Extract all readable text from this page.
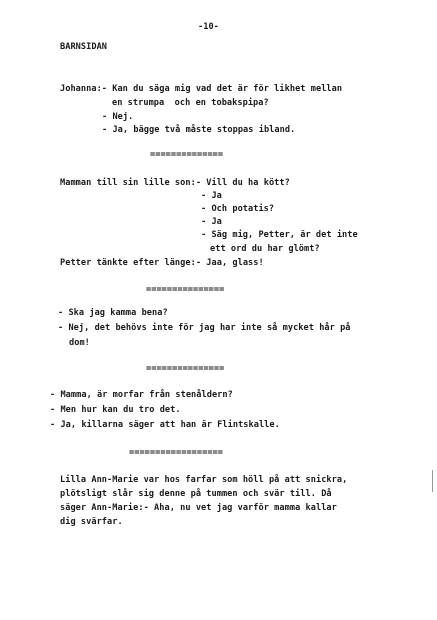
-10-
BARNSIDAN
Johanna:- Kan du säga mig vad det är för likhet mellan
en strumpa  och en tobakspipa?
- Nej.
- Ja, bägge två måste stoppas ibland.
==============
Mamman till sin lille son:- Vill du ha kött?
- Ja
- Och potatis?
- Ja
- Säg mig, Petter, är det inte
ett ord du har glömt?
Petter tänkte efter länge:- Jaa, glass!
===============
- Ska jag kamma benа?
- Nej, det behövs inte för jag har inte så mycket hår på
dom!
===============
- Mamma, är morfar från stenåldern?
- Men hur kan du tro det.
- Ja, killarna säger att han är Flintskalle.
==================
Lilla Ann-Marie var hos farfar som höll på att snickra,
plötsligt slår sig denne på tummen och svär till. Då
säger Ann-Marie:- Aha, nu vet jag varför mamma kallar
dig svärfar.
